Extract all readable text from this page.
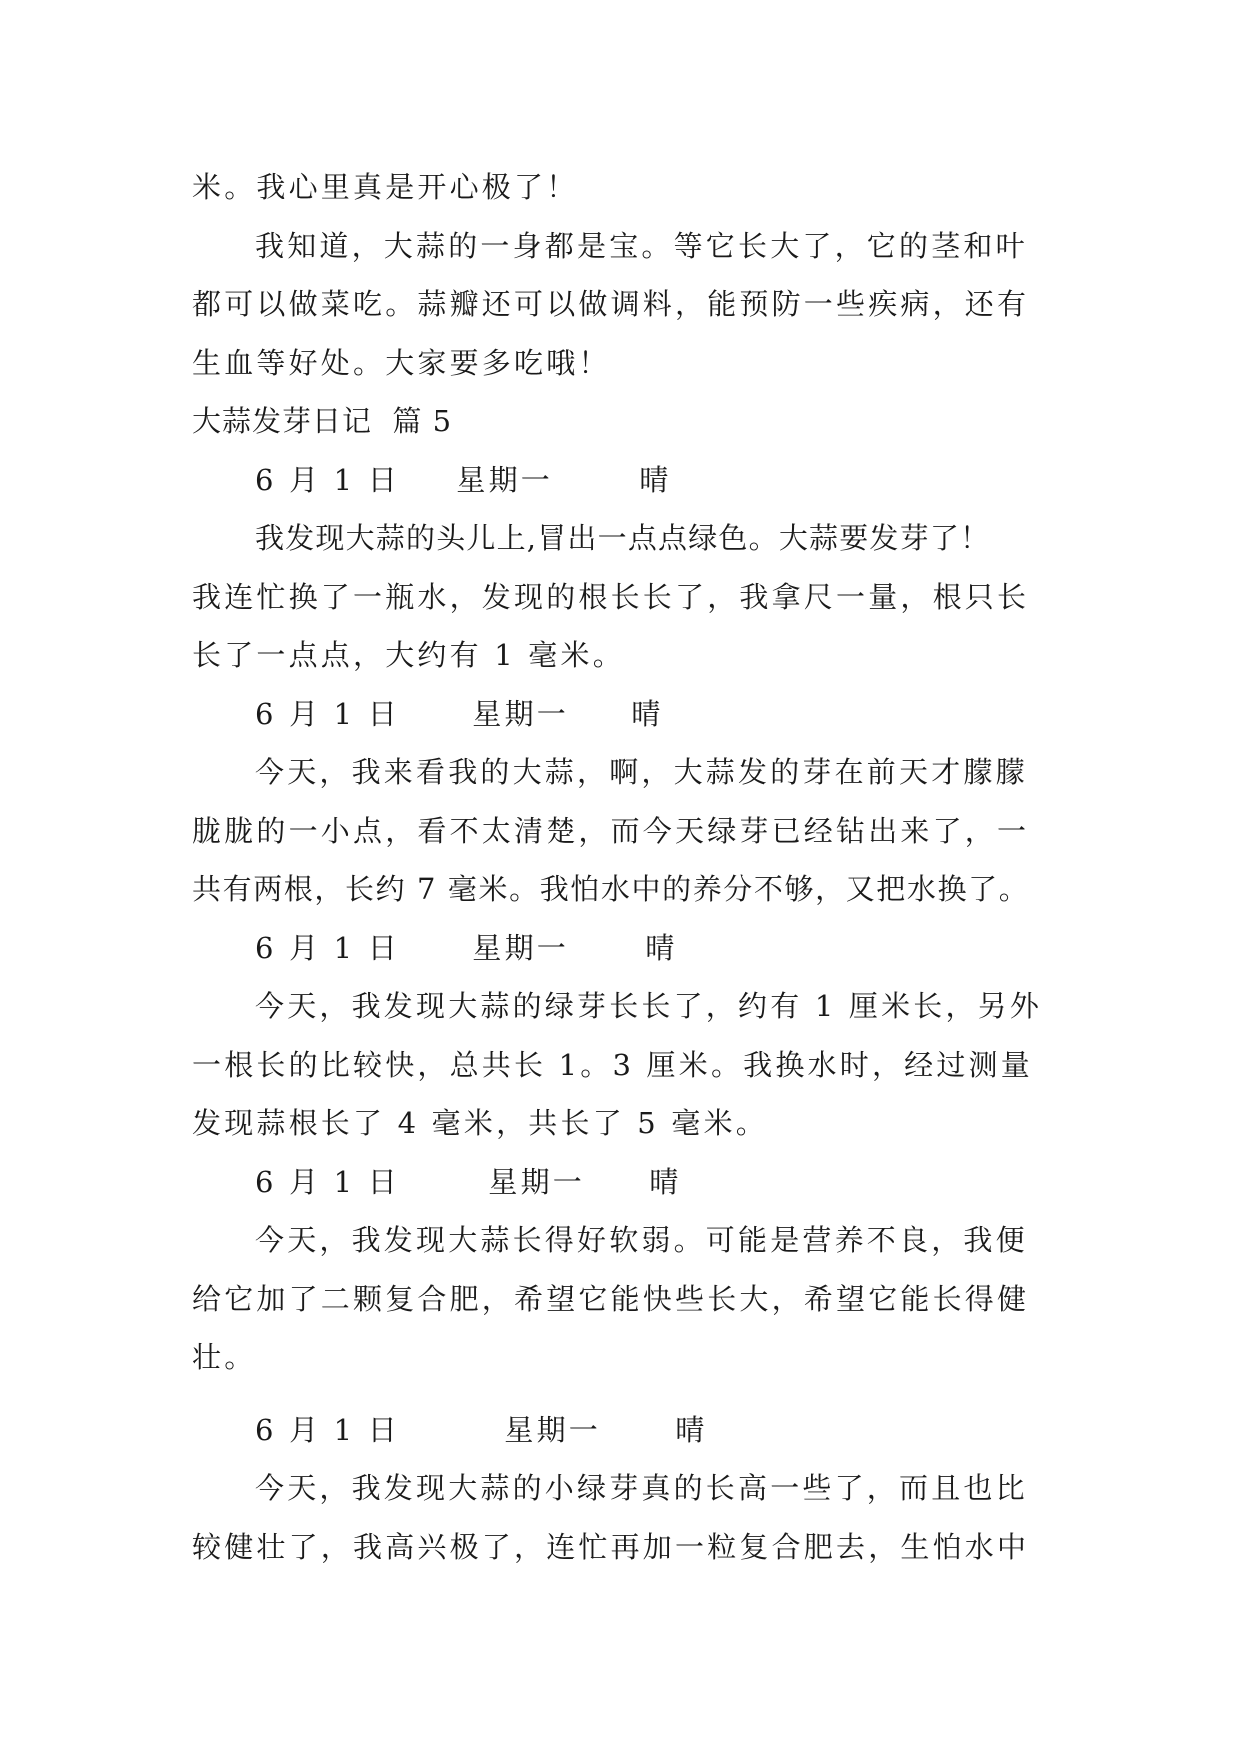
米。我心里真是开心极了！
我知道，大蒜的一身都是宝。等它长大了，它的茎和叶
都可以做菜吃。蒜瓣还可以做调料，能预防一些疾病，还有
生血等好处。大家要多吃哦！
大蒜发芽日记  篇 5
6 月 1 日 星期一	晴
我发现大蒜的头儿上,冒出一点点绿色。大蒜要发芽了！
我连忙换了一瓶水，发现的根长长了，我拿尺一量，根只长
长了一点点，大约有 1 毫米。
6 月 1 日 星期一 晴
今天，我来看我的大蒜，啊，大蒜发的芽在前天才朦朦
胧胧的一小点，看不太清楚，而今天绿芽已经钻出来了，一
共有两根，长约 7 毫米。我怕水中的养分不够，又把水换了。
6 月 1 日 星期一	晴
今天，我发现大蒜的绿芽长长了，约有 1 厘米长，另外
一根长的比较快，总共长 1。3 厘米。我换水时，经过测量
发现蒜根长了 4 毫米，共长了 5 毫米。
6 月 1 日	星期一 晴
今天，我发现大蒜长得好软弱。可能是营养不良，我便
给它加了二颗复合肥，希望它能快些长大，希望它能长得健
壮。
6 月 1 日	星期一	晴
今天，我发现大蒜的小绿芽真的长高一些了，而且也比
较健壮了，我高兴极了，连忙再加一粒复合肥去，生怕水中
